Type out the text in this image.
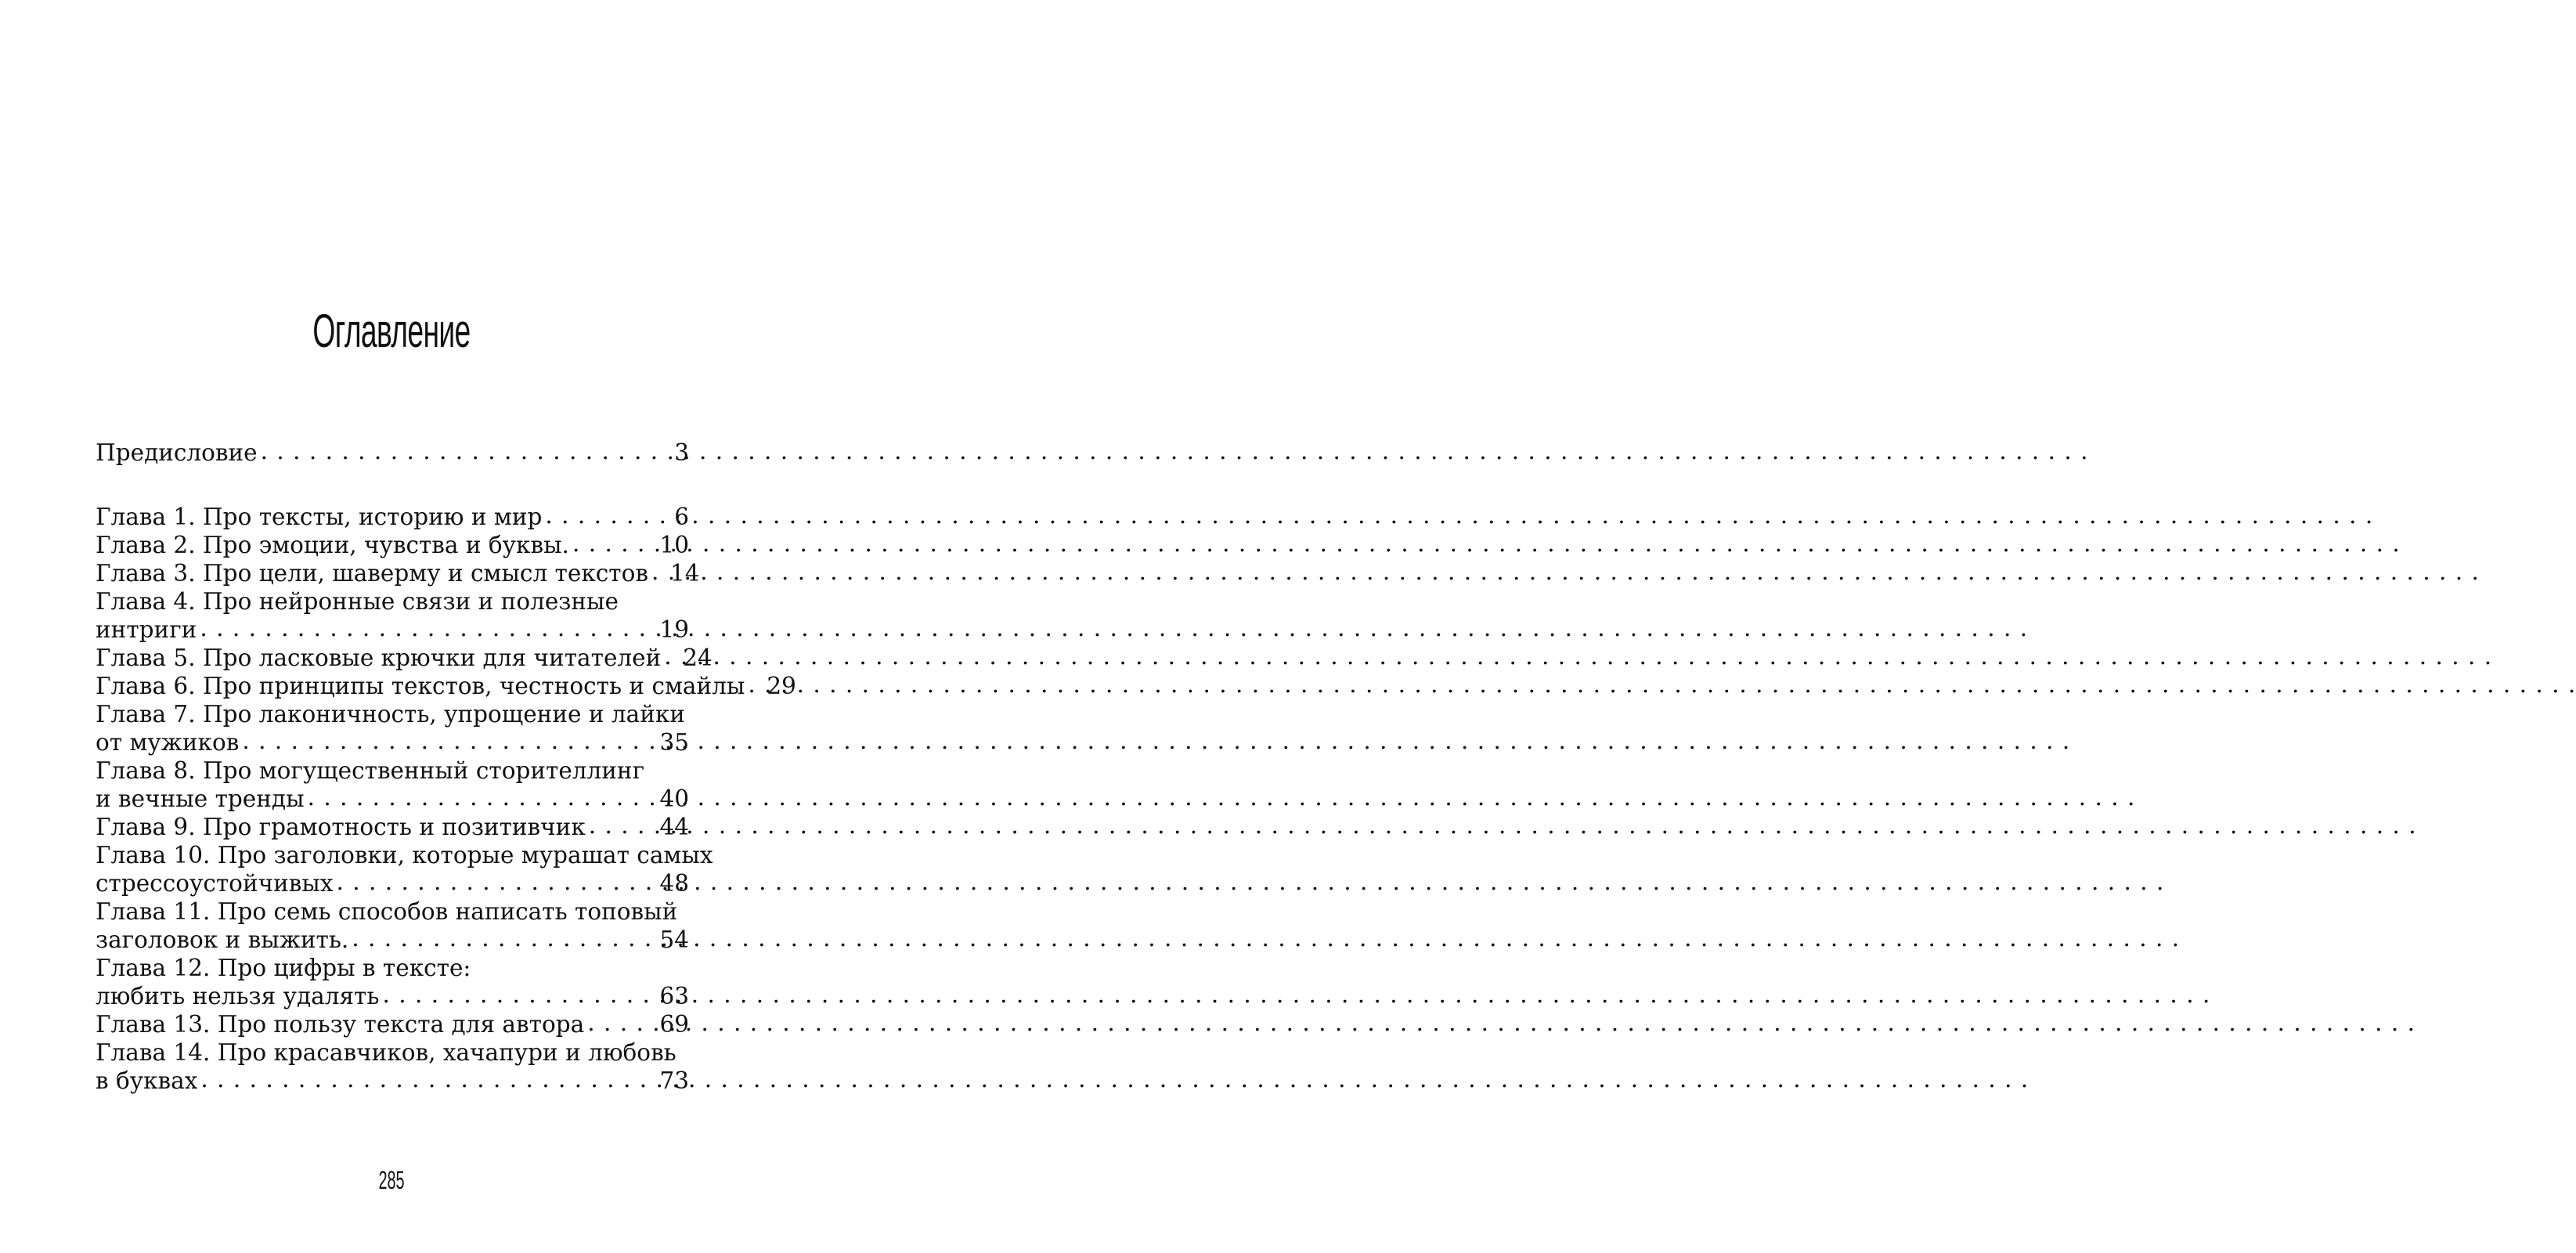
Оглавление
Предисловие . . .	3
Глава 1. Про тексты, историю и мир . . .	6
Глава 2. Про эмоции, чувства и буквы. . . .	10
Глава 3. Про цели, шаверму и смысл текстов . . . 14
Глава 4. Про нейронные связи и полезные
интриги . . .	19
Глава 5. Про ласковые крючки для читателей . . . 24
Глава 6. Про принципы текстов, честность и смайлы . . . 29
Глава 7. Про лаконичность, упрощение и лайки
от мужиков . . .	35
Глава 8. Про могущественный сторителлинг
и вечные тренды . . .	40
Глава 9. Про грамотность и позитивчик . . .	44
Глава 10. Про заголовки, которые мурашат самых
стрессоустойчивых . . .	48
Глава 11. Про семь способов написать топовый
заголовок и выжить. . . .	54
Глава 12. Про цифры в тексте:
любить нельзя удалять . . .	63
Глава 13. Про пользу текста для автора . . .	69
Глава 14. Про красавчиков, хачапури и любовь
в буквах . . .	73
285
